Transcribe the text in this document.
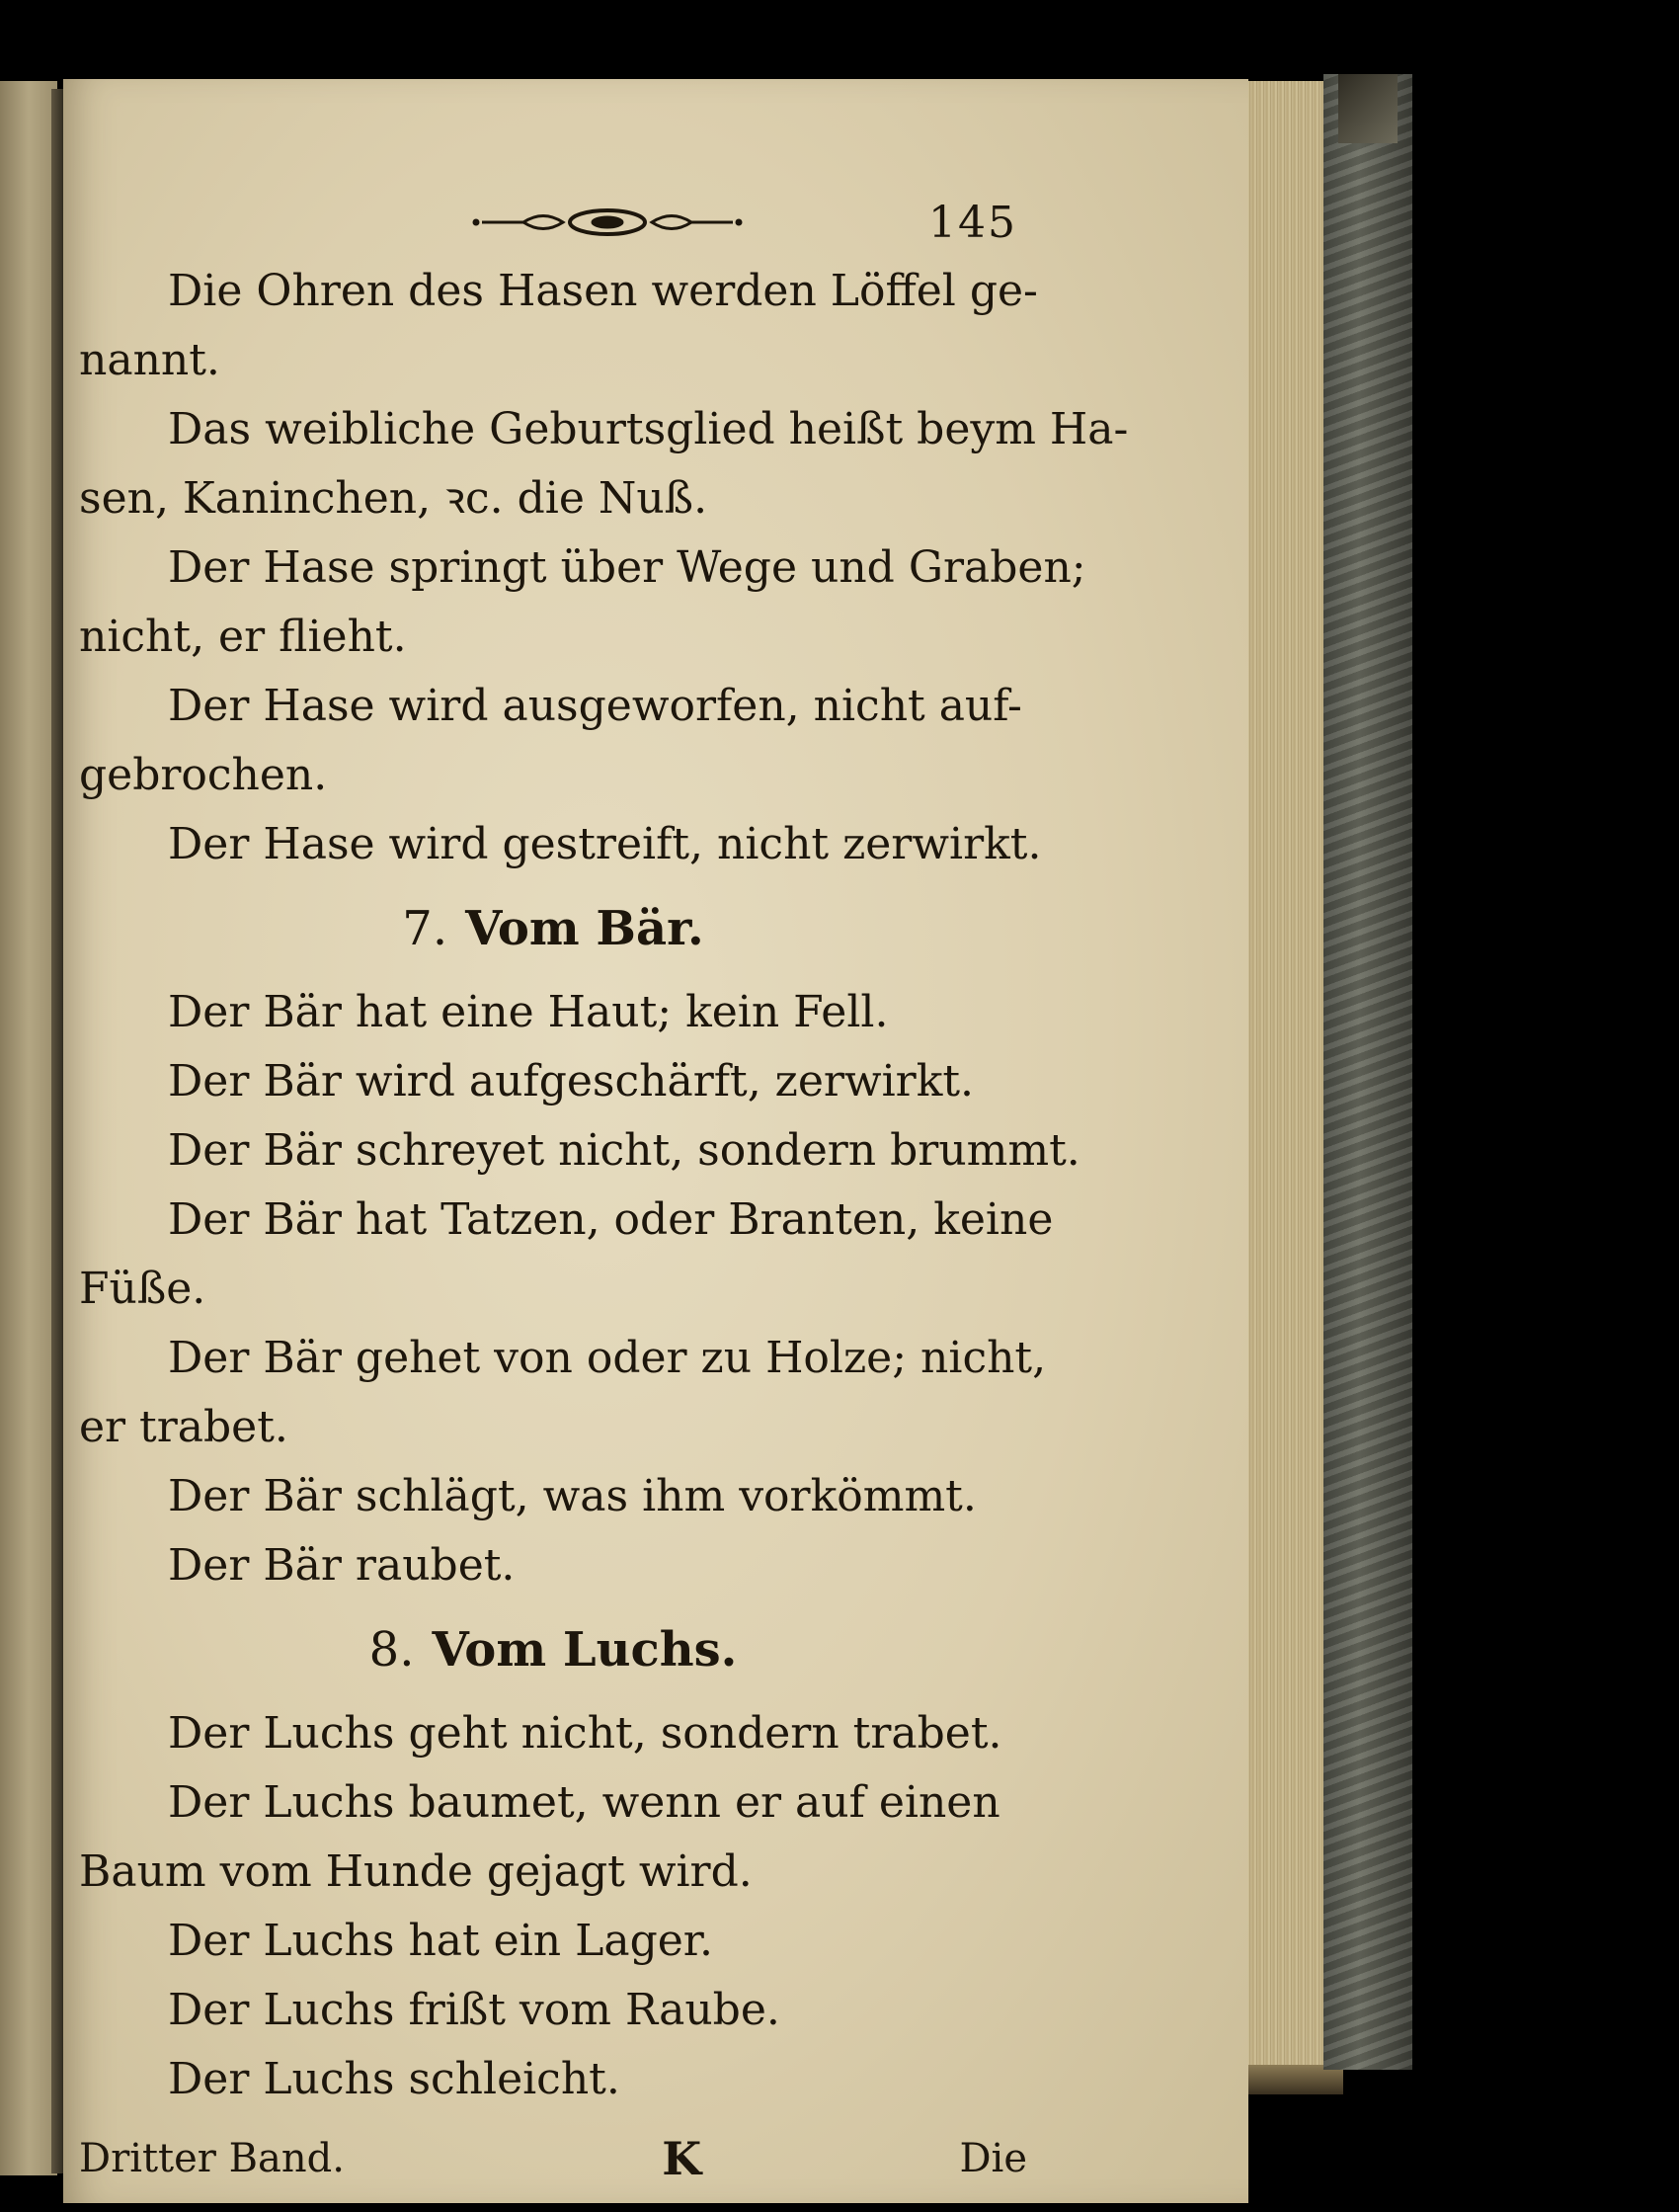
145
Die Ohren des Hasen werden Löffel ge-
nannt.
Das weibliche Geburtsglied heißt beym Ha-
sen, Kaninchen, ꝛc. die Nuß.
Der Hase springt über Wege und Graben;
nicht, er flieht.
Der Hase wird ausgeworfen, nicht auf-
gebrochen.
Der Hase wird gestreift, nicht zerwirkt.
7. Vom Bär.
Der Bär hat eine Haut; kein Fell.
Der Bär wird aufgeschärft, zerwirkt.
Der Bär schreyet nicht, sondern brummt.
Der Bär hat Tatzen, oder Branten, keine
Füße.
Der Bär gehet von oder zu Holze; nicht,
er trabet.
Der Bär schlägt, was ihm vorkömmt.
Der Bär raubet.
8. Vom Luchs.
Der Luchs geht nicht, sondern trabet.
Der Luchs baumet, wenn er auf einen
Baum vom Hunde gejagt wird.
Der Luchs hat ein Lager.
Der Luchs frißt vom Raube.
Der Luchs schleicht.
Dritter Band.	K	Die
